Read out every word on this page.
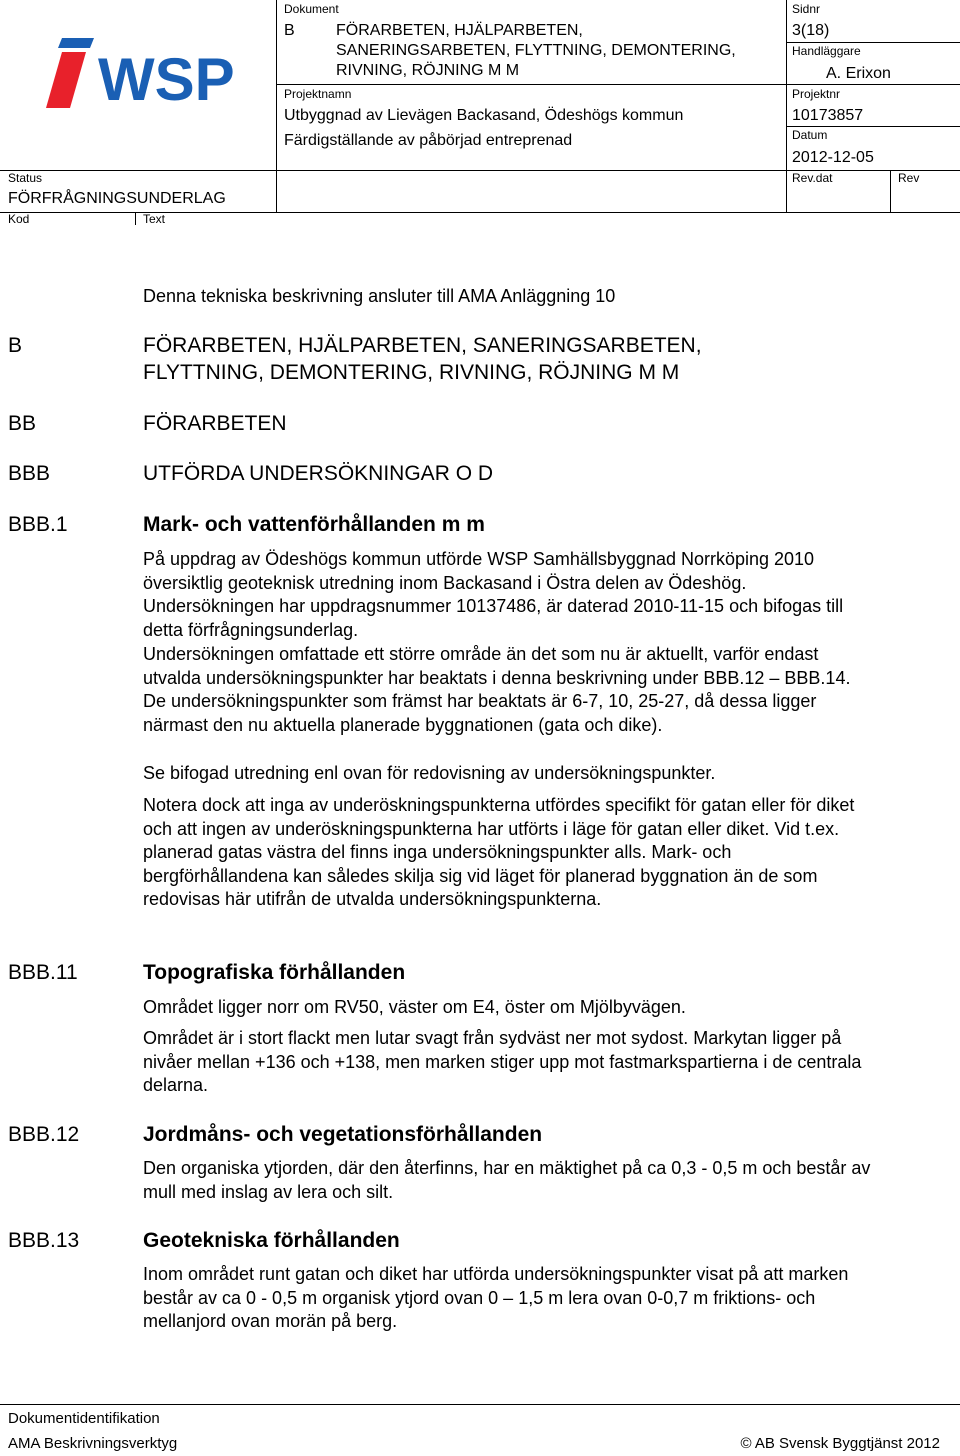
WSP
Dokument
B	FÖRARBETEN, HJÄLPARBETEN,
SANERINGSARBETEN, FLYTTNING, DEMONTERING,
RIVNING, RÖJNING M M
Projektnamn
Utbyggnad av Lievägen Backasand, Ödeshögs kommun
Färdigställande av påbörjad entreprenad
Sidnr
3(18)
Handläggare
A. Erixon
Projektnr
10173857
Datum
2012-12-05
Status
FÖRFRÅGNINGSUNDERLAG
Rev.dat	Rev
Kod	Text
Denna tekniska beskrivning ansluter till AMA Anläggning 10
B	FÖRARBETEN, HJÄLPARBETEN, SANERINGSARBETEN,
FLYTTNING, DEMONTERING, RIVNING, RÖJNING M M
BB	FÖRARBETEN
BBB	UTFÖRDA UNDERSÖKNINGAR O D
BBB.1	Mark- och vattenförhållanden m m

På uppdrag av Ödeshögs kommun utförde WSP Samhällsbyggnad Norrköping 2010 översiktlig geoteknisk utredning inom Backasand i Östra delen av Ödeshög. Undersökningen har uppdragsnummer 10137486, är daterad 2010-11-15 och bifogas till detta förfrågningsunderlag.

Undersökningen omfattade ett större område än det som nu är aktuellt, varför endast utvalda undersökningspunkter har beaktats i denna beskrivning under BBB.12 – BBB.14. De undersökningspunkter som främst har beaktats är 6-7, 10, 25-27, då dessa ligger närmast den nu aktuella planerade byggnationen (gata och dike).

Se bifogad utredning enl ovan för redovisning av undersökningspunkter.

Notera dock att inga av underöskningspunkterna utfördes specifikt för gatan eller för diket och att ingen av underöskningspunkterna har utförts i läge för gatan eller diket. Vid t.ex. planerad gatas västra del finns inga undersökningspunkter alls. Mark- och bergförhållandena kan således skilja sig vid läget för planerad byggnation än de som redovisas här utifrån de utvalda undersökningspunkterna.

BBB.11	Topografiska förhållanden

Området ligger norr om RV50, väster om E4, öster om Mjölbyvägen.

Området är i stort flackt men lutar svagt från sydväst ner mot sydost. Markytan ligger på nivåer mellan +136 och +138, men marken stiger upp mot fastmarkspartierna i de centrala delarna.

BBB.12	Jordmåns- och vegetationsförhållanden

Den organiska ytjorden, där den återfinns, har en mäktighet på ca 0,3 - 0,5 m och består av mull med inslag av lera och silt.

BBB.13	Geotekniska förhållanden

Inom området runt gatan och diket har utförda undersökningspunkter visat på att marken består av ca 0 - 0,5 m organisk ytjord ovan 0 – 1,5 m lera ovan 0-0,7 m friktions- och mellanjord ovan morän på berg.

Dokumentidentifikation
AMA Beskrivningsverktyg	© AB Svensk Byggtjänst 2012
